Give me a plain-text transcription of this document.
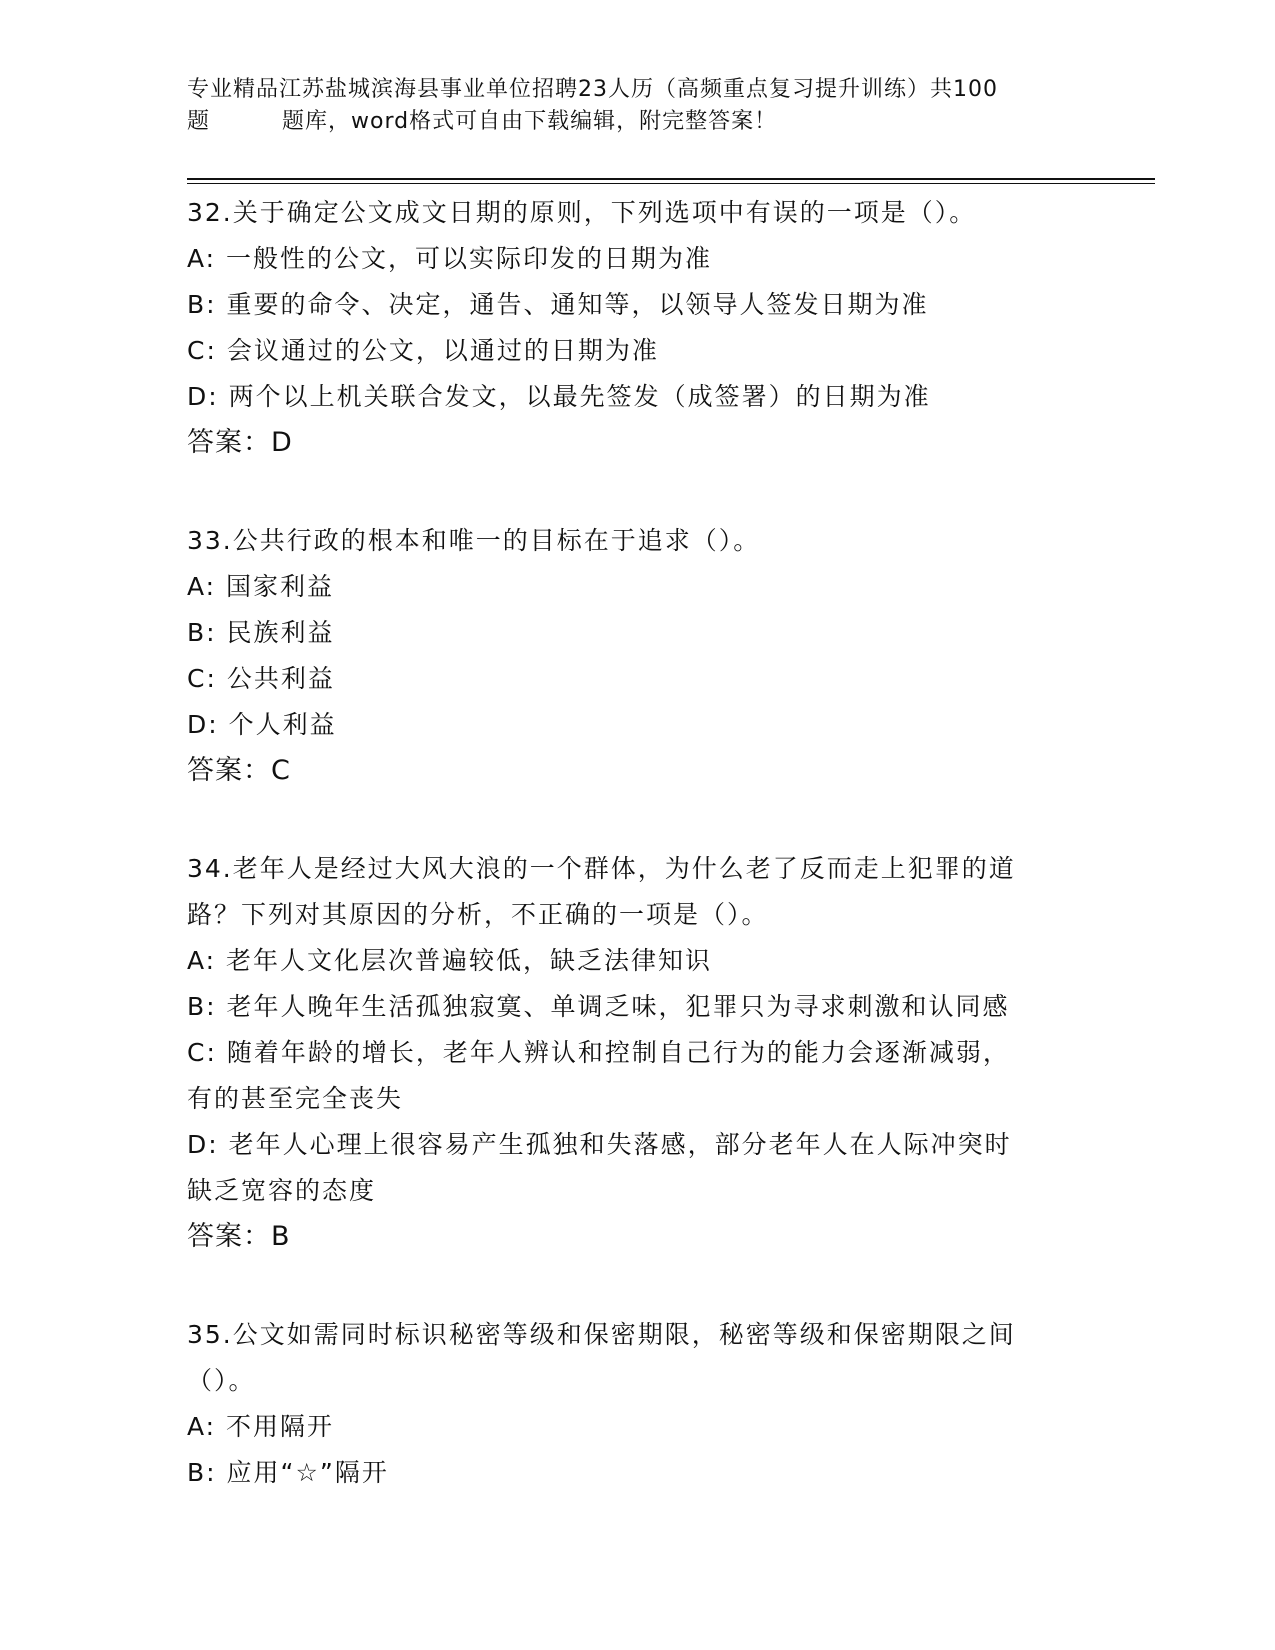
专业精品江苏盐城滨海县事业单位招聘23人历（高频重点复习提升训练）共100
题	题库，word格式可自由下载编辑，附完整答案！
32.关于确定公文成文日期的原则，下列选项中有误的一项是（）。
A: 一般性的公文，可以实际印发的日期为准
B: 重要的命令、决定，通告、通知等，以领导人签发日期为准
C: 会议通过的公文，以通过的日期为准
D: 两个以上机关联合发文，以最先签发（成签署）的日期为准
答案：D
33.公共行政的根本和唯一的目标在于追求（）。
A: 国家利益
B: 民族利益
C: 公共利益
D: 个人利益
答案：C
34.老年人是经过大风大浪的一个群体，为什么老了反而走上犯罪的道
路？下列对其原因的分析，不正确的一项是（）。
A: 老年人文化层次普遍较低，缺乏法律知识
B: 老年人晚年生活孤独寂寞、单调乏味，犯罪只为寻求刺激和认同感
C: 随着年龄的增长，老年人辨认和控制自己行为的能力会逐渐减弱，
有的甚至完全丧失
D: 老年人心理上很容易产生孤独和失落感，部分老年人在人际冲突时
缺乏宽容的态度
答案：B
35.公文如需同时标识秘密等级和保密期限，秘密等级和保密期限之间
（）。
A: 不用隔开
B: 应用“☆”隔开
